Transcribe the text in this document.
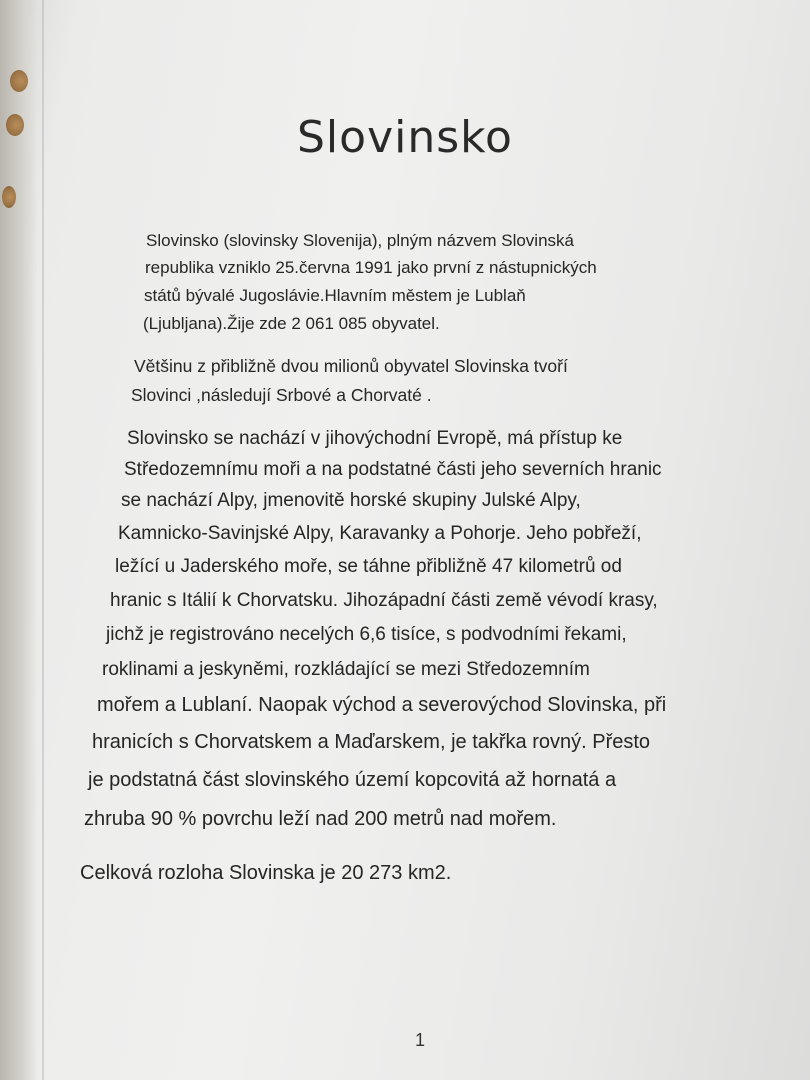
Slovinsko
Slovinsko (slovinsky Slovenija), plným názvem Slovinská
republika vzniklo 25.června 1991 jako první z nástupnických
států bývalé Jugoslávie.Hlavním městem je Lublaň
(Ljubljana).Žije zde 2 061 085 obyvatel.
Většinu z přibližně dvou milionů obyvatel Slovinska tvoří
Slovinci ,následují Srbové a Chorvaté .
Slovinsko se nachází v jihovýchodní Evropě, má přístup ke
Středozemnímu moři a na podstatné části jeho severních hranic
se nachází Alpy, jmenovitě horské skupiny Julské Alpy,
Kamnicko-Savinjské Alpy, Karavanky a Pohorje. Jeho pobřeží,
ležící u Jaderského moře, se táhne přibližně 47 kilometrů od
hranic s Itálií k Chorvatsku. Jihozápadní části země vévodí krasy,
jichž je registrováno necelých 6,6 tisíce, s podvodními řekami,
roklinami a jeskyněmi, rozkládající se mezi Středozemním
mořem a Lublaní. Naopak východ a severovýchod Slovinska, při
hranicích s Chorvatskem a Maďarskem, je takřka rovný. Přesto
je podstatná část slovinského území kopcovitá až hornatá a
zhruba 90 % povrchu leží nad 200 metrů nad mořem.
Celková rozloha Slovinska je 20 273 km2.
1
